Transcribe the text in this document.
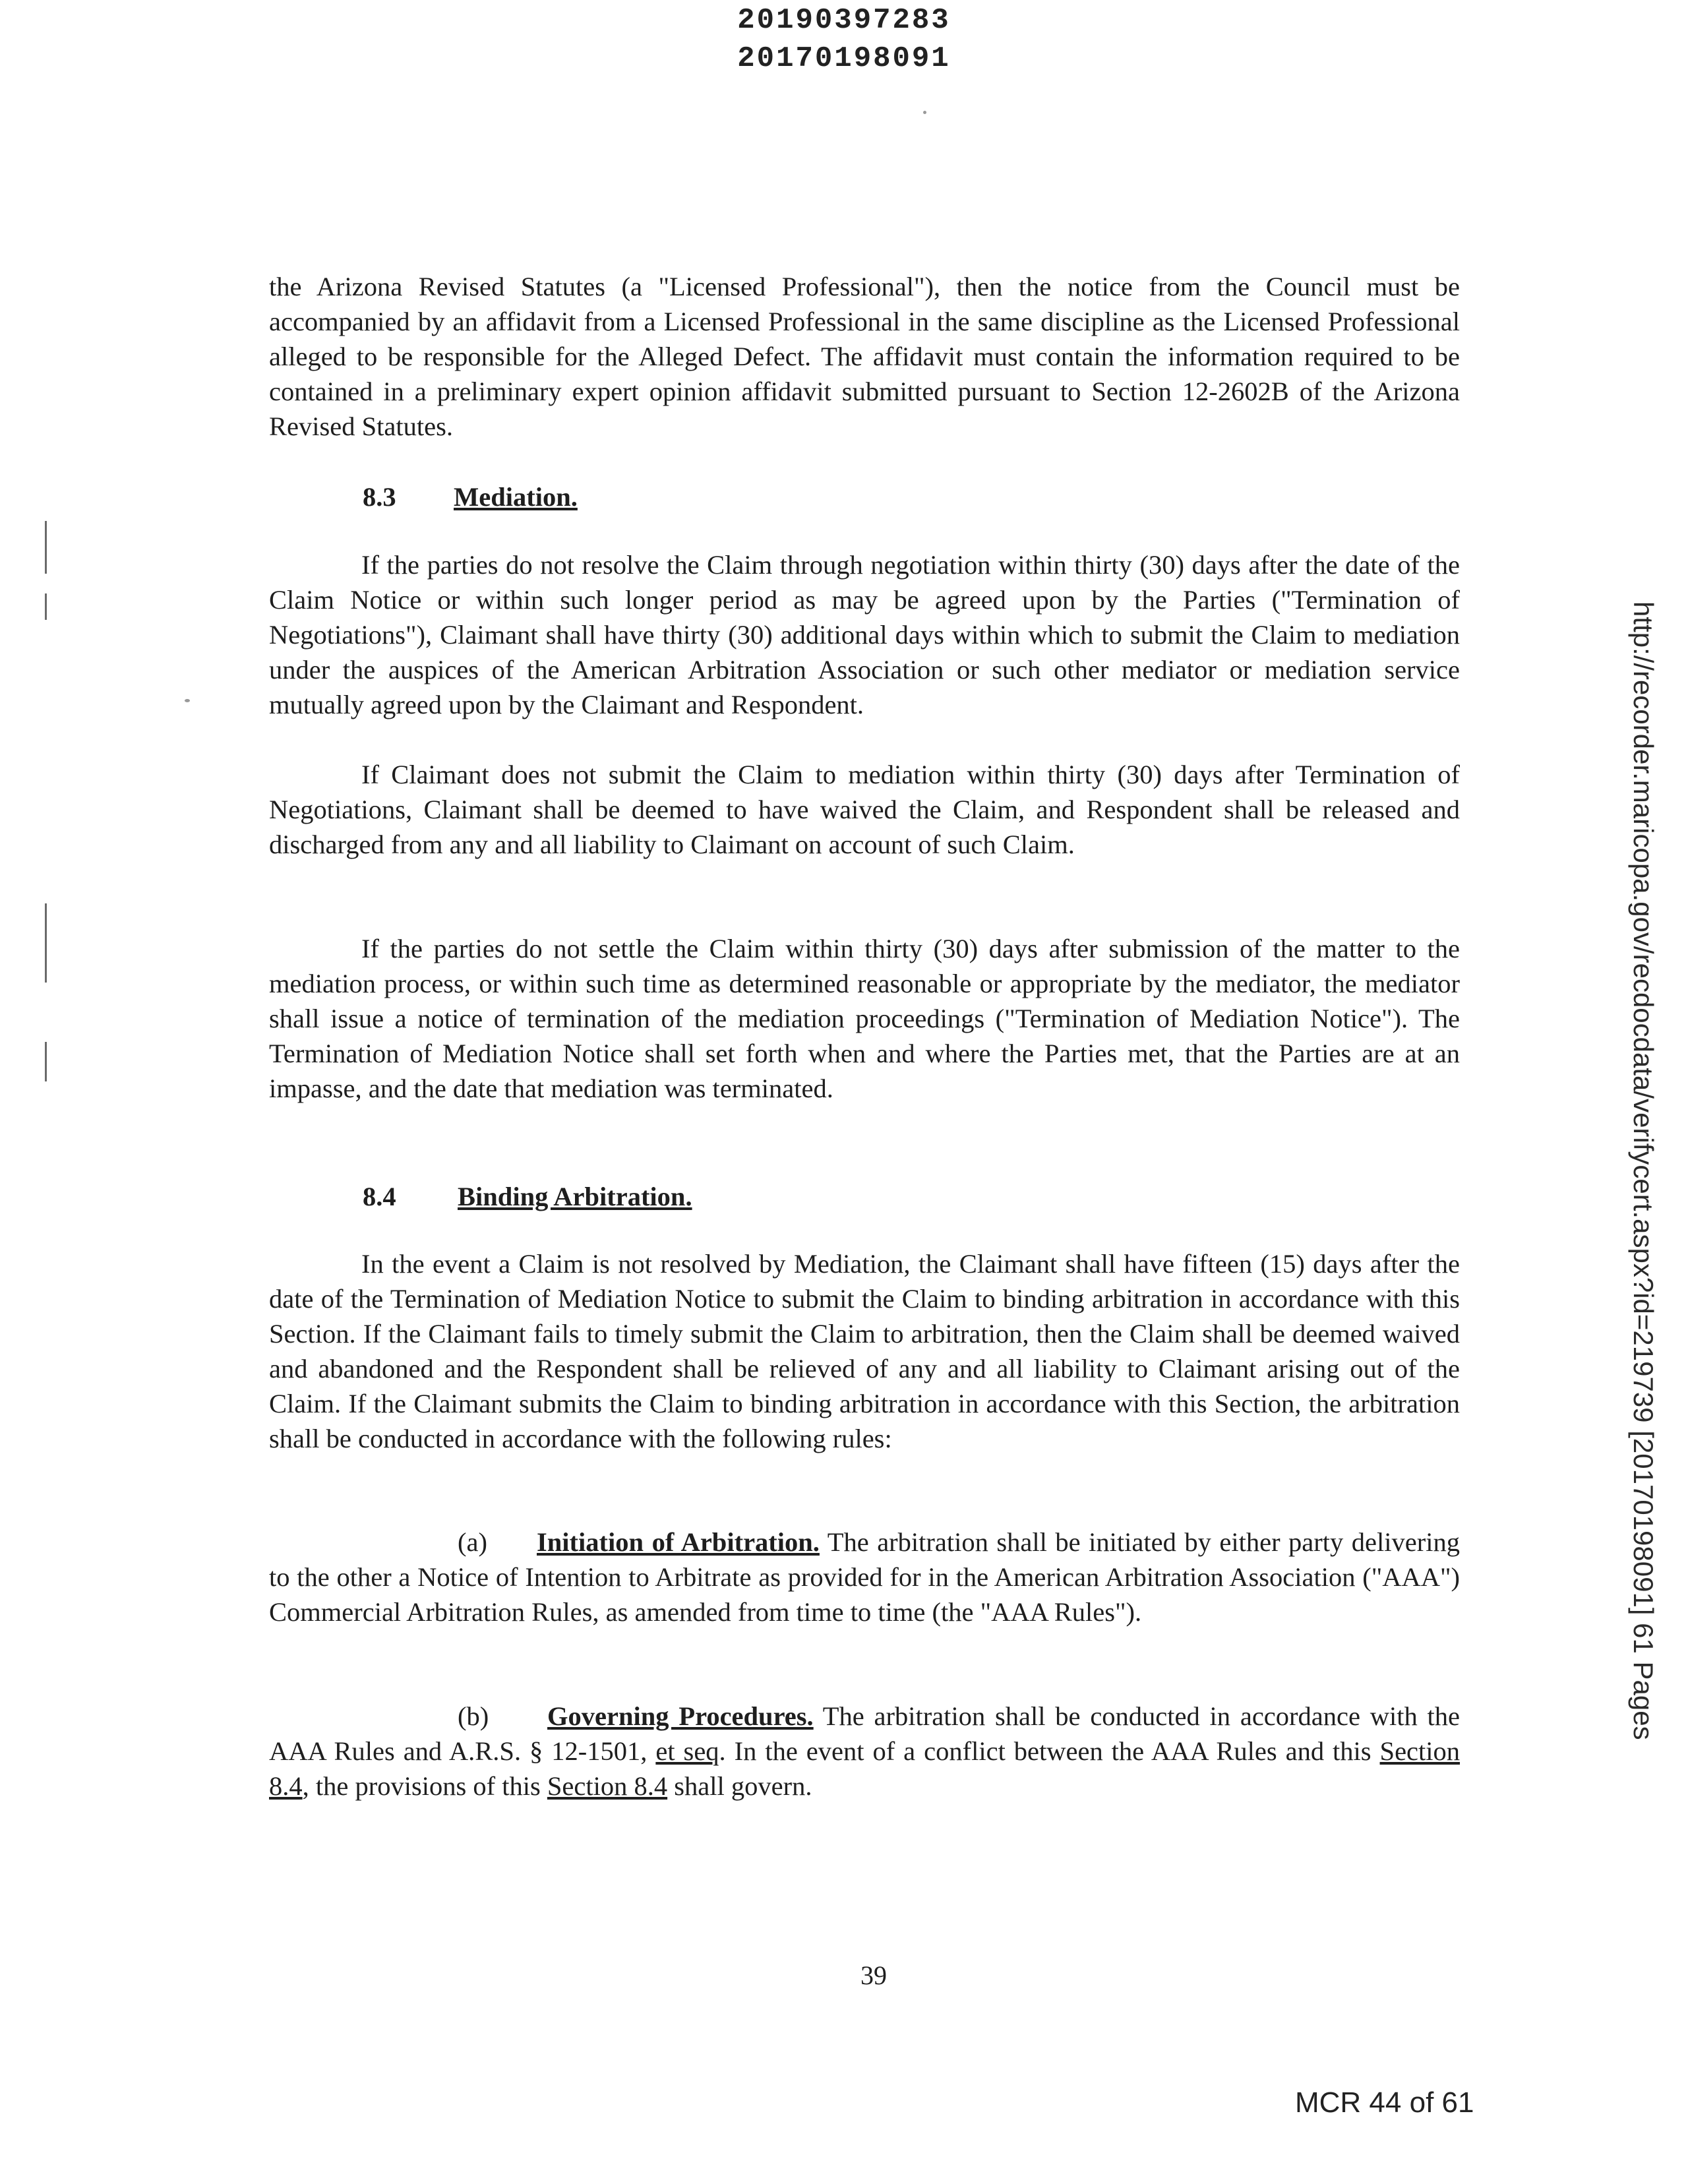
20190397283
20170198091

the Arizona Revised Statutes (a "Licensed Professional"), then the notice from the Council must be accompanied by an affidavit from a Licensed Professional in the same discipline as the Licensed Professional alleged to be responsible for the Alleged Defect. The affidavit must contain the information required to be contained in a preliminary expert opinion affidavit submitted pursuant to Section 12-2602B of the Arizona Revised Statutes.

8.3 Mediation.

If the parties do not resolve the Claim through negotiation within thirty (30) days after the date of the Claim Notice or within such longer period as may be agreed upon by the Parties ("Termination of Negotiations"), Claimant shall have thirty (30) additional days within which to submit the Claim to mediation under the auspices of the American Arbitration Association or such other mediator or mediation service mutually agreed upon by the Claimant and Respondent.

If Claimant does not submit the Claim to mediation within thirty (30) days after Termination of Negotiations, Claimant shall be deemed to have waived the Claim, and Respondent shall be released and discharged from any and all liability to Claimant on account of such Claim.

If the parties do not settle the Claim within thirty (30) days after submission of the matter to the mediation process, or within such time as determined reasonable or appropriate by the mediator, the mediator shall issue a notice of termination of the mediation proceedings ("Termination of Mediation Notice"). The Termination of Mediation Notice shall set forth when and where the Parties met, that the Parties are at an impasse, and the date that mediation was terminated.

8.4 Binding Arbitration.

In the event a Claim is not resolved by Mediation, the Claimant shall have fifteen (15) days after the date of the Termination of Mediation Notice to submit the Claim to binding arbitration in accordance with this Section. If the Claimant fails to timely submit the Claim to arbitration, then the Claim shall be deemed waived and abandoned and the Respondent shall be relieved of any and all liability to Claimant arising out of the Claim. If the Claimant submits the Claim to binding arbitration in accordance with this Section, the arbitration shall be conducted in accordance with the following rules:

(a) Initiation of Arbitration. The arbitration shall be initiated by either party delivering to the other a Notice of Intention to Arbitrate as provided for in the American Arbitration Association ("AAA") Commercial Arbitration Rules, as amended from time to time (the "AAA Rules").

(b) Governing Procedures. The arbitration shall be conducted in accordance with the AAA Rules and A.R.S. § 12-1501, et seq. In the event of a conflict between the AAA Rules and this Section 8.4, the provisions of this Section 8.4 shall govern.

39
MCR 44 of 61
http://recorder.maricopa.gov/recdocdata/verifycert.aspx?id=219739 [20170198091] 61 Pages
